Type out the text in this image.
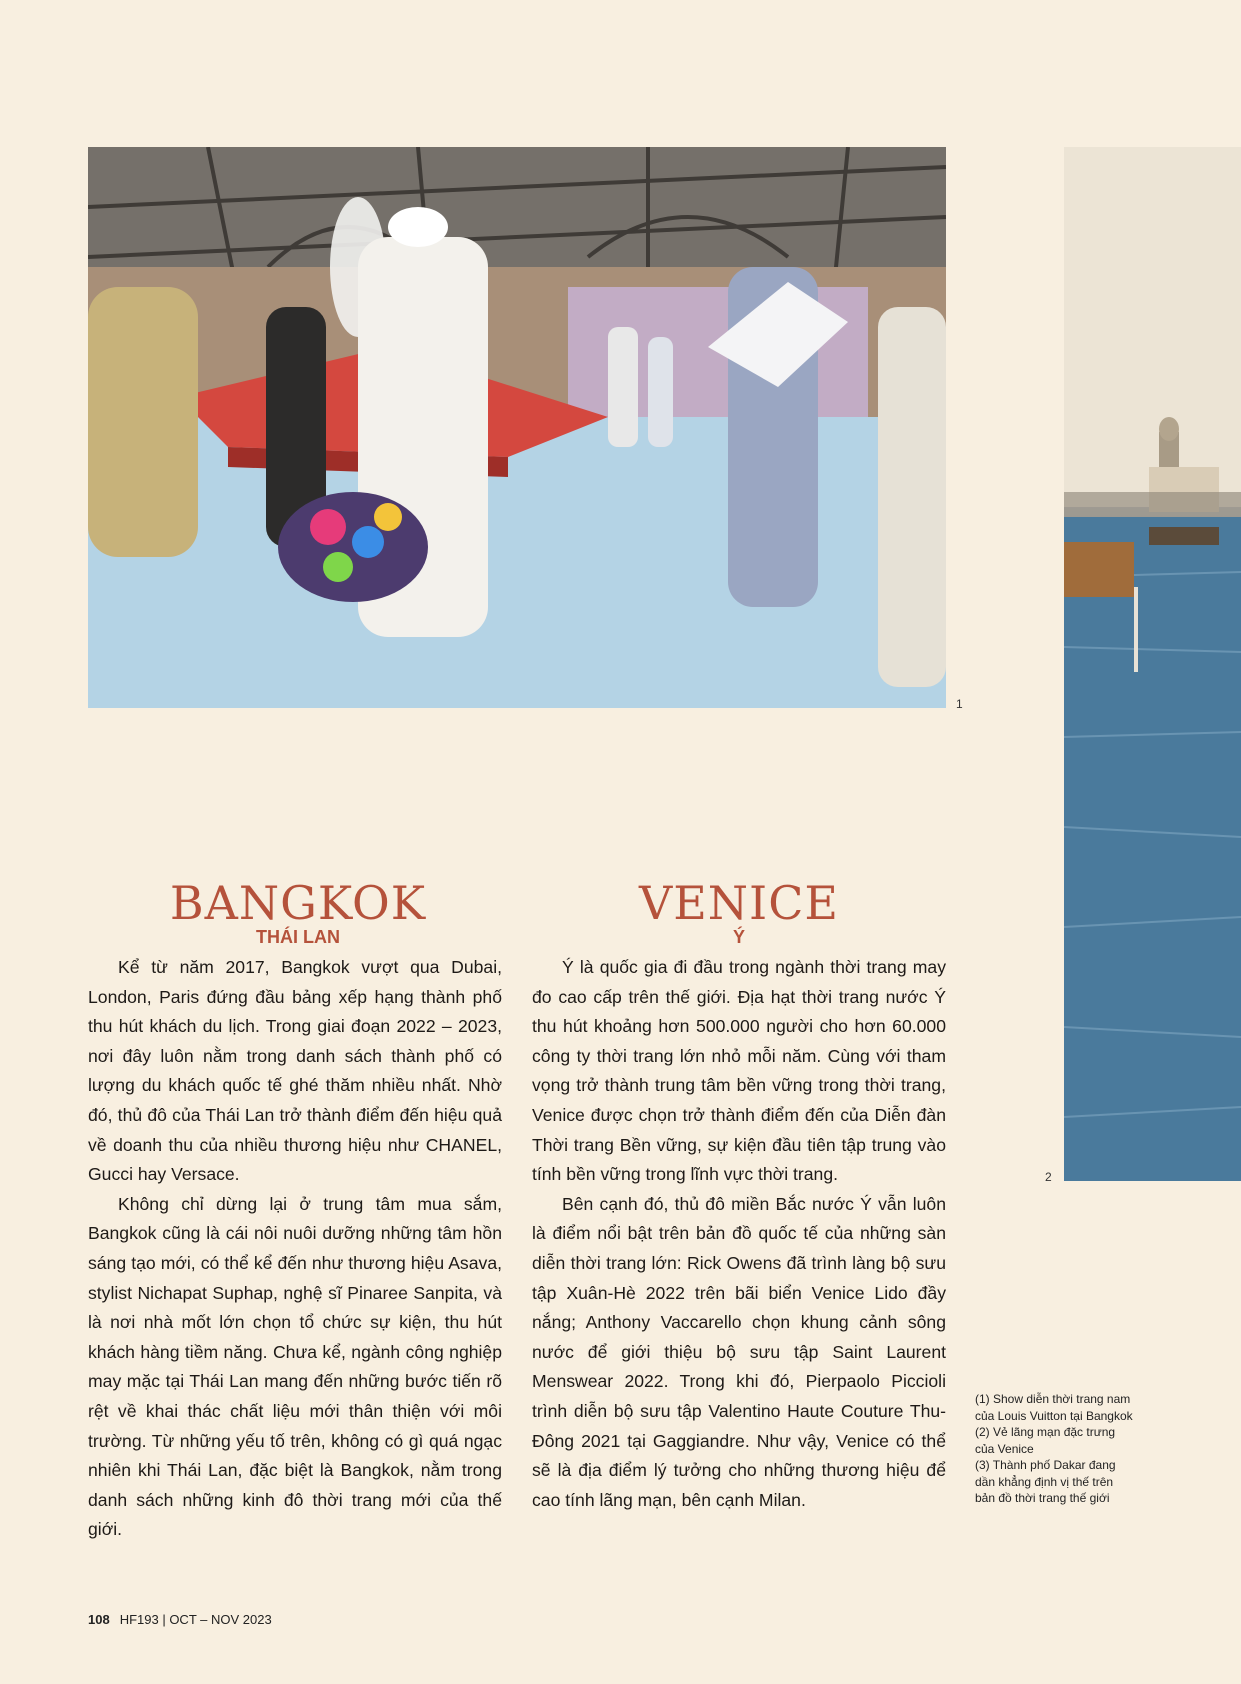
1
2
BANGKOK
THÁI LAN

Kể từ năm 2017, Bangkok vượt qua Dubai, London, Paris đứng đầu bảng xếp hạng thành phố thu hút khách du lịch. Trong giai đoạn 2022 – 2023, nơi đây luôn nằm trong danh sách thành phố có lượng du khách quốc tế ghé thăm nhiều nhất. Nhờ đó, thủ đô của Thái Lan trở thành điểm đến hiệu quả về doanh thu của nhiều thương hiệu như CHANEL, Gucci hay Versace.

Không chỉ dừng lại ở trung tâm mua sắm, Bangkok cũng là cái nôi nuôi dưỡng những tâm hồn sáng tạo mới, có thể kể đến như thương hiệu Asava, stylist Nichapat Suphap, nghệ sĩ Pinaree Sanpita, và là nơi nhà mốt lớn chọn tổ chức sự kiện, thu hút khách hàng tiềm năng. Chưa kể, ngành công nghiệp may mặc tại Thái Lan mang đến những bước tiến rõ rệt về khai thác chất liệu mới thân thiện với môi trường. Từ những yếu tố trên, không có gì quá ngạc nhiên khi Thái Lan, đặc biệt là Bangkok, nằm trong danh sách những kinh đô thời trang mới của thế giới.

VENICE
Ý

Ý là quốc gia đi đầu trong ngành thời trang may đo cao cấp trên thế giới. Địa hạt thời trang nước Ý thu hút khoảng hơn 500.000 người cho hơn 60.000 công ty thời trang lớn nhỏ mỗi năm. Cùng với tham vọng trở thành trung tâm bền vững trong thời trang, Venice được chọn trở thành điểm đến của Diễn đàn Thời trang Bền vững, sự kiện đầu tiên tập trung vào tính bền vững trong lĩnh vực thời trang.

Bên cạnh đó, thủ đô miền Bắc nước Ý vẫn luôn là điểm nổi bật trên bản đồ quốc tế của những sàn diễn thời trang lớn: Rick Owens đã trình làng bộ sưu tập Xuân-Hè 2022 trên bãi biển Venice Lido đầy nắng; Anthony Vaccarello chọn khung cảnh sông nước để giới thiệu bộ sưu tập Saint Laurent Menswear 2022. Trong khi đó, Pierpaolo Piccioli trình diễn bộ sưu tập Valentino Haute Couture Thu-Đông 2021 tại Gaggiandre. Như vậy, Venice có thể sẽ là địa điểm lý tưởng cho những thương hiệu để cao tính lãng mạn, bên cạnh Milan.

(1) Show diễn thời trang nam của Louis Vuitton tại Bangkok
(2) Vẻ lãng mạn đặc trưng của Venice
(3) Thành phố Dakar đang dần khẳng định vị thế trên bản đồ thời trang thế giới
108 HF193 | OCT – NOV 2023
